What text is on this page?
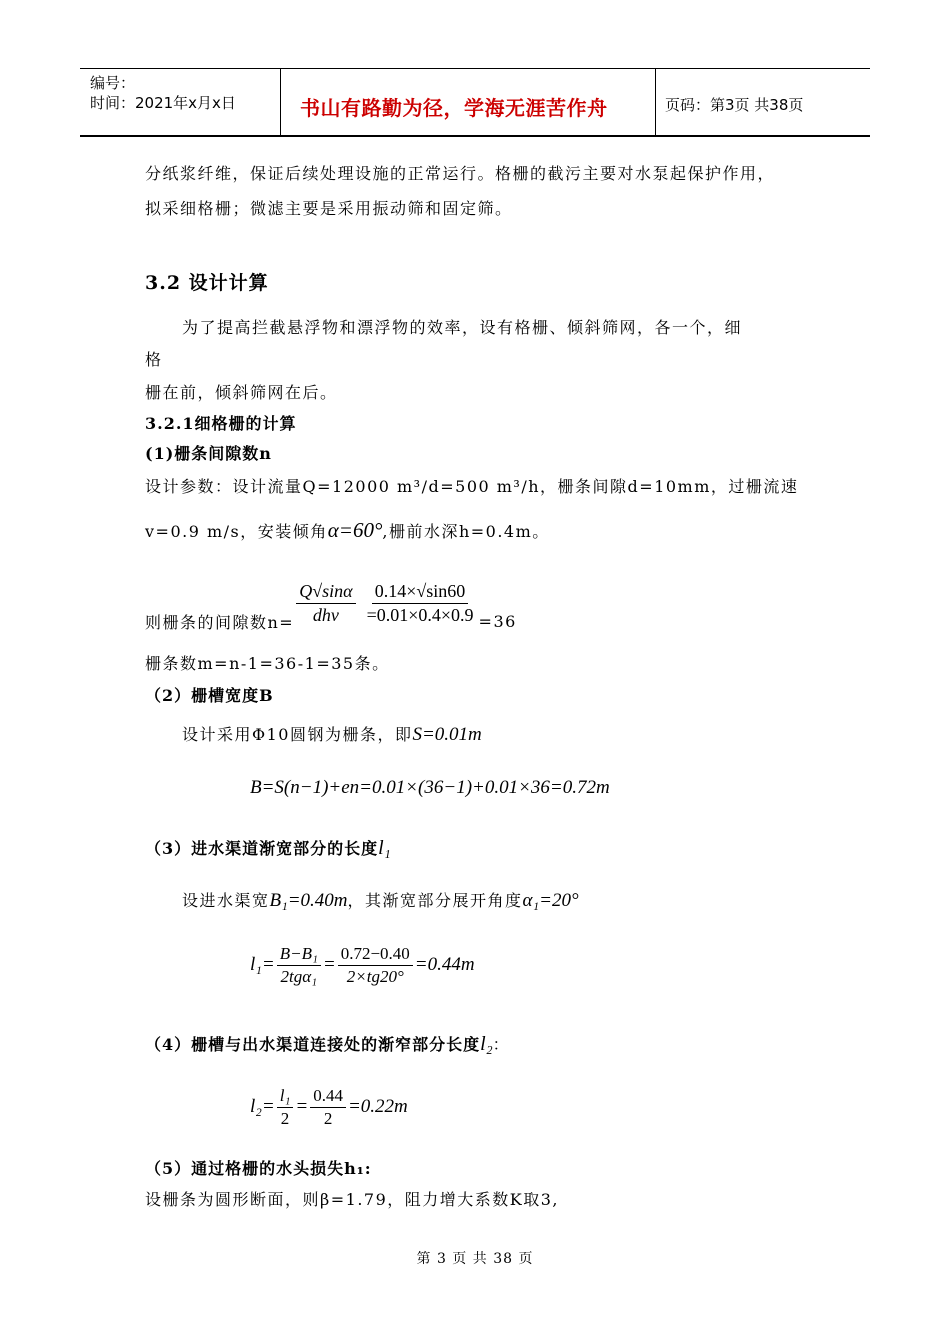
编号：
时间：2021年x月x日	书山有路勤为径，学海无涯苦作舟	页码：第3页 共38页
分纸浆纤维，保证后续处理设施的正常运行。格栅的截污主要对水泵起保护作用，
拟采细格栅；微滤主要是采用振动筛和固定筛。
3.2 设计计算
为了提高拦截悬浮物和漂浮物的效率，设有格栅、倾斜筛网，各一个，细
格
栅在前，倾斜筛网在后。
3.2.1细格栅的计算
(1)栅条间隙数n
设计参数：设计流量Q=12000 m³/d=500 m³/h，栅条间隙d=10mm，过栅流速
v=0.9 m/s，安装倾角α=60°,栅前水深h=0.4m。
则栅条的间隙数$n= \frac{Q√\sin\alpha}{\text{dhv}} \frac{0.14\times√\sin 60}{=0.01\times 0.4\times 0.9} =36$
栅条数m=n-1=36-1=35条。
（2）栅槽宽度B
设计采用Φ10圆钢为栅条，即S=0.01m
B=S(n−1)+en=0.01×(36−1)+0.01×36=0.72m
（3）进水渠道渐宽部分的长度l₁
设进水渠宽B₁=0.40m，其渐宽部分展开角度α₁=20°
$l_1= \frac{\text{B−B₁}}{\text{2tgα₁}} = \frac{0.72-0.40}{2\times tg20^\circ} =0.44m$
（4）栅槽与出水渠道连接处的渐窄部分长度l₂：
$l_2= \frac{\text{l₁}}{2} = \frac{0.44}{2} =0.22m$
（5）通过格栅的水头损失h₁:
设栅条为圆形断面，则β=1.79，阻力增大系数K取3,
第 3 页 共 38 页
